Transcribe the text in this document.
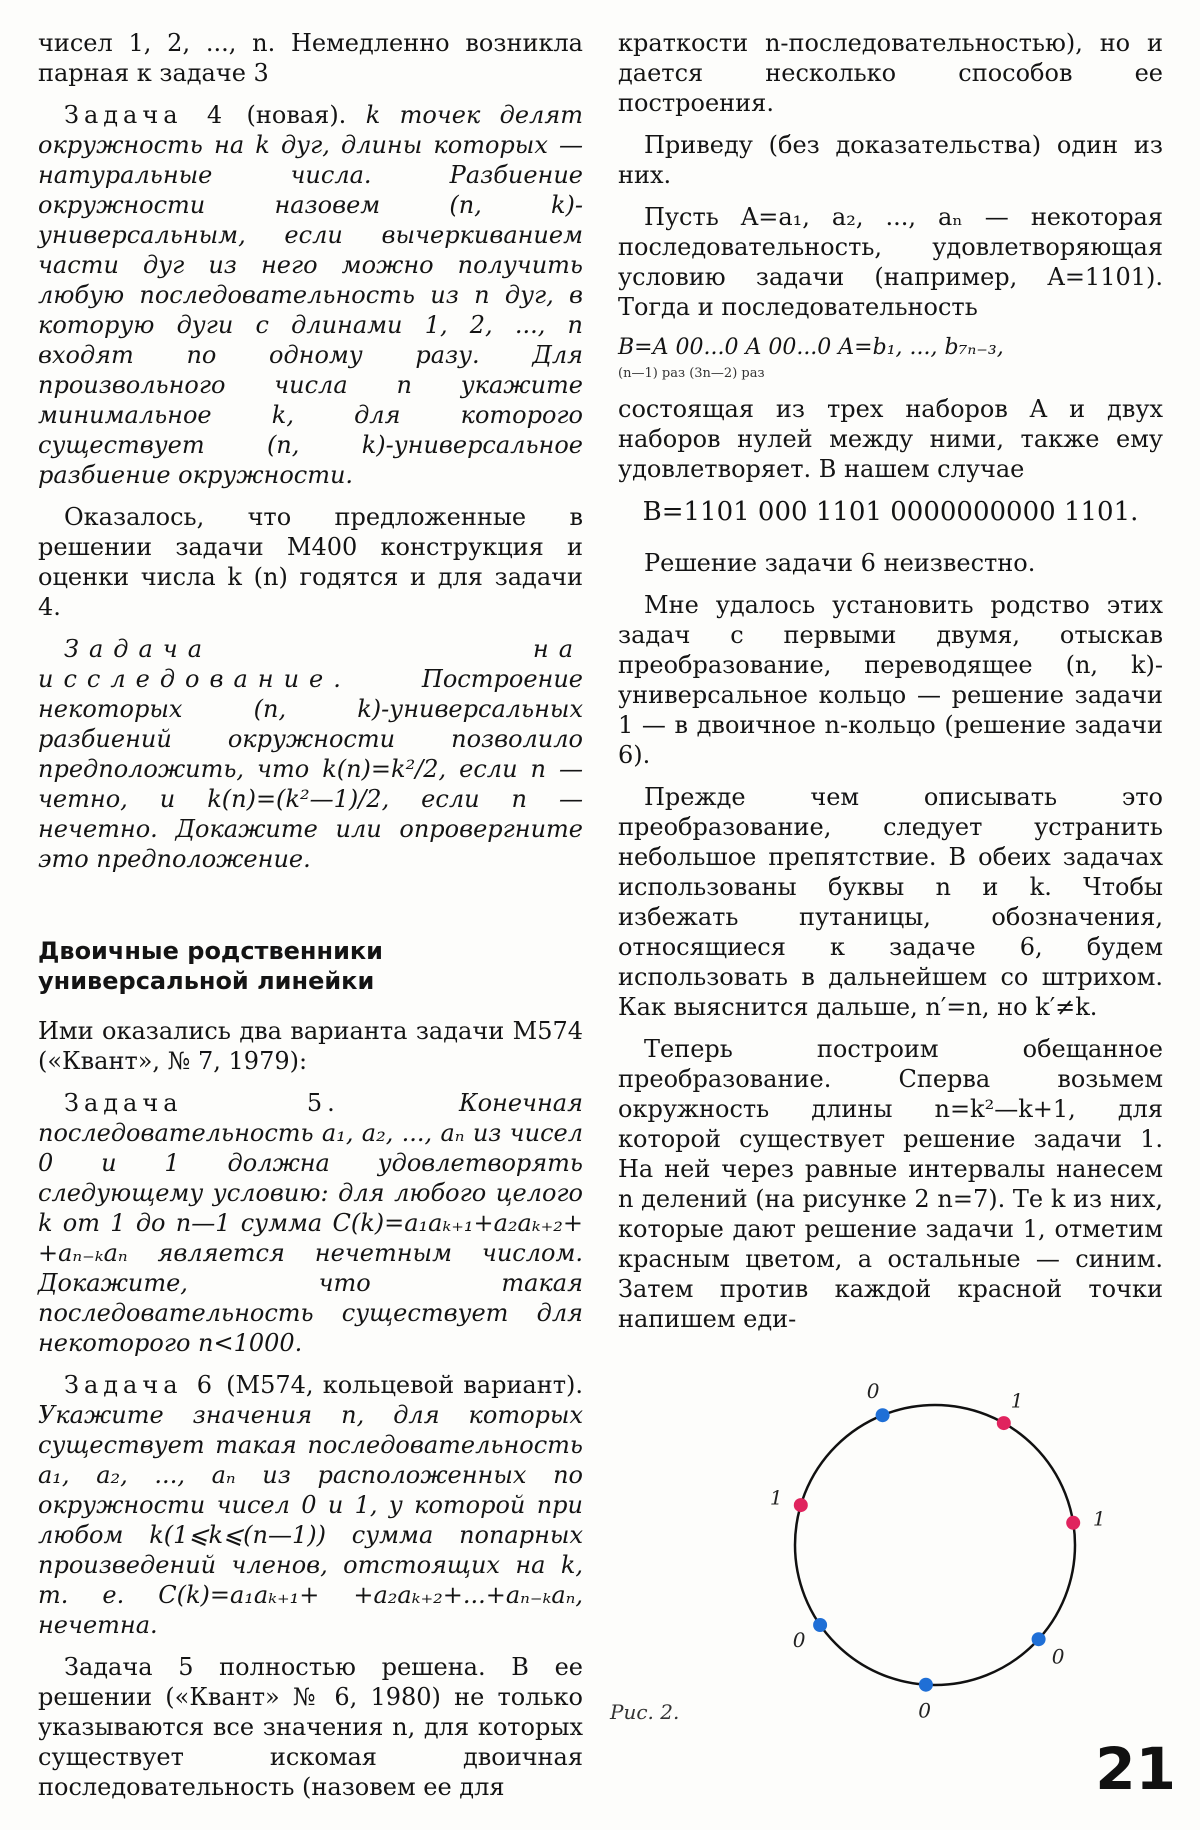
чисел 1, 2, ..., n. Немедленно возникла парная к задаче 3

Задача 4 (новая). k точек делят окружность на k дуг, длины которых — натуральные числа. Разбиение окружности назовем (n, k)-универсальным, если вычеркиванием части дуг из него можно получить любую последовательность из n дуг, в которую дуги с длинами 1, 2, ..., n входят по одному разу. Для произвольного числа n укажите минимальное k, для которого существует (n, k)-универсальное разбиение окружности.

Оказалось, что предложенные в решении задачи М400 конструкция и оценки числа k (n) годятся и для задачи 4.

Задача на исследование. Построение некоторых (n, k)-универсальных разбиений окружности позволило предположить, что k(n)=k²/2, если n — четно, и k(n)=(k²—1)/2, если n — нечетно. Докажите или опровергните это предположение.

Двоичные родственники универсальной линейки

Ими оказались два варианта задачи М574 («Квант», № 7, 1979):

Задача 5. Конечная последовательность a₁, a₂, ..., aₙ из чисел 0 и 1 должна удовлетворять следующему условию: для любого целого k от 1 до n—1 сумма C(k)=a₁aₖ₊₁+a₂aₖ₊₂+ +aₙ₋ₖaₙ является нечетным числом. Докажите, что такая последовательность существует для некоторого n<1000.

Задача 6 (М574, кольцевой вариант). Укажите значения n, для которых существует такая последовательность a₁, a₂, ..., aₙ из расположенных по окружности чисел 0 и 1, у которой при любом k(1⩽k⩽(n—1)) сумма попарных произведений членов, отстоящих на k, т. е. C(k)=a₁aₖ₊₁+ +a₂aₖ₊₂+...+aₙ₋ₖaₙ, нечетна.

Задача 5 полностью решена. В ее решении («Квант» № 6, 1980) не только указываются все значения n, для которых существует искомая двоичная последовательность (назовем ее для

краткости n-последовательностью), но и дается несколько способов ее построения.

Приведу (без доказательства) один из них.

Пусть A=a₁, a₂, ..., aₙ — некоторая последовательность, удовлетворяющая условию задачи (например, A=1101). Тогда и последовательность

B=A 00...0 A 00...0 A=b₁, ..., b₇ₙ₋₃,
(n—1) раз (3n—2) раз

состоящая из трех наборов A и двух наборов нулей между ними, также ему удовлетворяет. В нашем случае

B=1101 000 1101 0000000000 1101.

Решение задачи 6 неизвестно.

Мне удалось установить родство этих задач с первыми двумя, отыскав преобразование, переводящее (n, k)-универсальное кольцо — решение задачи 1 — в двоичное n-кольцо (решение задачи 6).

Прежде чем описывать это преобразование, следует устранить небольшое препятствие. В обеих задачах использованы буквы n и k. Чтобы избежать путаницы, обозначения, относящиеся к задаче 6, будем использовать в дальнейшем со штрихом. Как выяснится дальше, n′=n, но k′≠k.

Теперь построим обещанное преобразование. Сперва возьмем окружность длины n=k²—k+1, для которой существует решение задачи 1. На ней через равные интервалы нанесем n делений (на рисунке 2 n=7). Те k из них, которые дают решение задачи 1, отметим красным цветом, а остальные — синим. Затем против каждой красной точки напишем еди-

0	1
1
0
0
0
1
Рис. 2.
21
